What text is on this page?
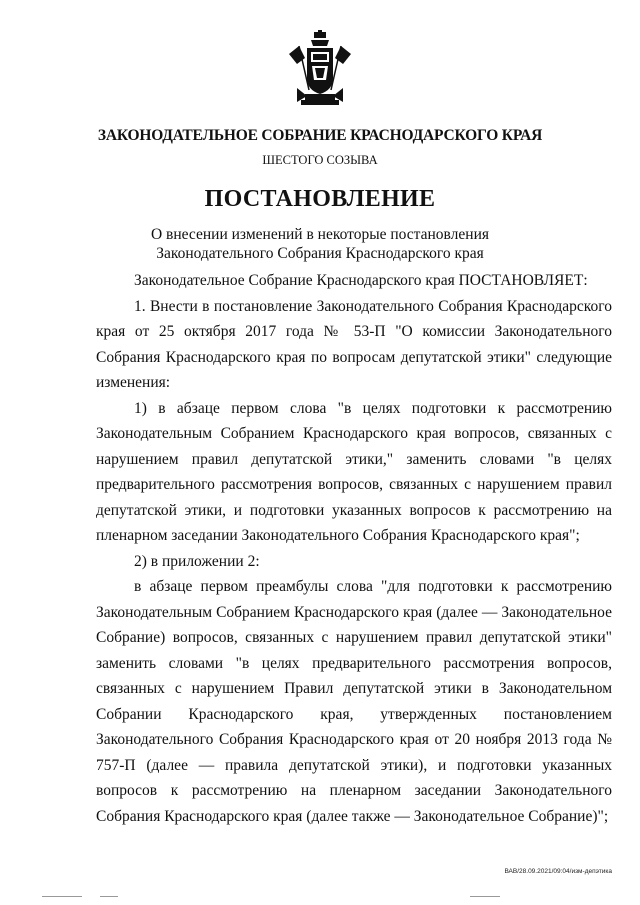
ЗАКОНОДАТЕЛЬНОЕ СОБРАНИЕ КРАСНОДАРСКОГО КРАЯ
ШЕСТОГО СОЗЫВА
ПОСТАНОВЛЕНИЕ
О внесении изменений в некоторые постановления
Законодательного Собрания Краснодарского края

Законодательное Собрание Краснодарского края ПОСТАНОВЛЯЕТ:

1. Внести в постановление Законодательного Собрания Краснодарского края от 25 октября 2017 года № 53-П "О комиссии Законодательного Собрания Краснодарского края по вопросам депутатской этики" следующие изменения:

1) в абзаце первом слова "в целях подготовки к рассмотрению Законодательным Собранием Краснодарского края вопросов, связанных с нарушением правил депутатской этики," заменить словами "в целях предварительного рассмотрения вопросов, связанных с нарушением правил депутатской этики, и подготовки указанных вопросов к рассмотрению на пленарном заседании Законодательного Собрания Краснодарского края";

2) в приложении 2:

в абзаце первом преамбулы слова "для подготовки к рассмотрению Законодательным Собранием Краснодарского края (далее — Законодательное Собрание) вопросов, связанных с нарушением правил депутатской этики" заменить словами "в целях предварительного рассмотрения вопросов, связанных с нарушением Правил депутатской этики в Законодательном Собрании Краснодарского края, утвержденных постановлением Законодательного Собрания Краснодарского края от 20 ноября 2013 года № 757-П (далее — правила депутатской этики), и подготовки указанных вопросов к рассмотрению на пленарном заседании Законодательного Собрания Краснодарского края (далее также — Законодательное Собрание)";

ВАВ/28.09.2021/09:04/изм-депэтика
